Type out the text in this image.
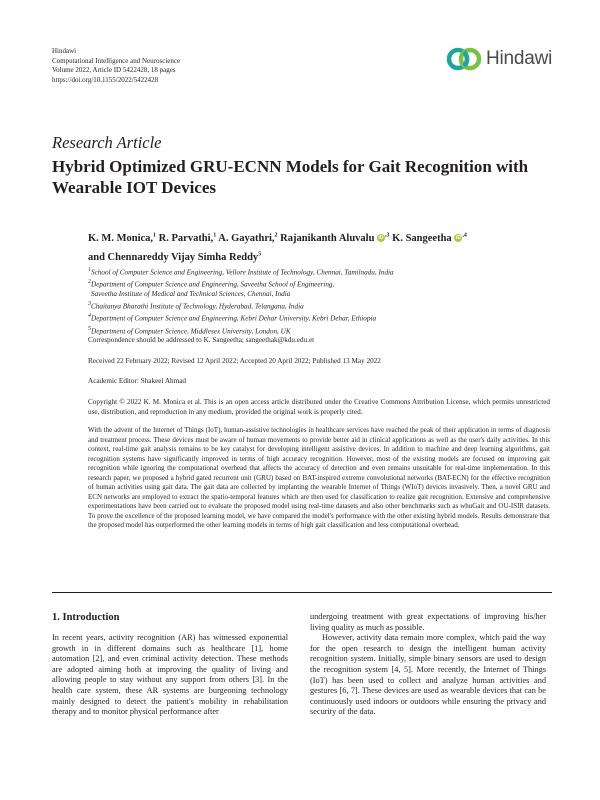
Hindawi
Computational Intelligence and Neuroscience
Volume 2022, Article ID 5422428, 18 pages
https://doi.org/10.1155/2022/5422428
Hindawi
Research Article
Hybrid Optimized GRU-ECNN Models for Gait Recognition with Wearable IOT Devices
K. M. Monica,$^1$ R. Parvathi,$^1$ A. Gayathri,$^2$ Rajanikanth Aluvalu $iD^{,3}$ K. Sangeetha $iD^{,4}$
and Chennareddy Vijay Simha Reddy$^5$
$^1$School of Computer Science and Engineering, Vellore Institute of Technology, Chennai, Tamilnadu, India
$^2$Department of Computer Science and Engineering, Saveetha School of Engineering,
Saveetha Institute of Medical and Technical Sciences, Chennai, India
$^3$Chaitanya Bharathi Institute of Technology, Hyderabad, Telangana, India
$^4$Department of Computer Science and Engineering, Kebri Dehar University, Kebri Dehar, Ethiopia
$^5$Department of Computer Science, Middlesex University, London, UK
Correspondence should be addressed to K. Sangeetha; sangeethak@kdu.edu.et
Received 22 February 2022; Revised 12 April 2022; Accepted 20 April 2022; Published 13 May 2022
Academic Editor: Shakeel Ahmad
Copyright © 2022 K. M. Monica et al. This is an open access article distributed under the Creative Commons Attribution License, which permits unrestricted use, distribution, and reproduction in any medium, provided the original work is properly cited.
With the advent of the Internet of Things (IoT), human-assistive technologies in healthcare services have reached the peak of their application in terms of diagnosis and treatment process. These devices must be aware of human movements to provide better aid in clinical applications as well as the user's daily activities. In this context, real-time gait analysis remains to be key catalyst for developing intelligent assistive devices. In addition to machine and deep learning algorithms, gait recognition systems have significantly improved in terms of high accuracy recognition. However, most of the existing models are focused on improving gait recognition while ignoring the computational overhead that affects the accuracy of detection and even remains unsuitable for real-time implementation. In this research paper, we proposed a hybrid gated recurrent unit (GRU) based on BAT-inspired extreme convolutional networks (BAT-ECN) for the effective recognition of human activities using gait data. The gait data are collected by implanting the wearable Internet of Things (WIoT) devices invasively. Then, a novel GRU and ECN networks are employed to extract the spatio-temporal features which are then used for classification to realize gait recognition. Extensive and comprehensive experimentations have been carried out to evaluate the proposed model using real-time datasets and also other benchmarks such as whuGait and OU-ISIR datasets. To prove the excellence of the proposed learning model, we have compared the model's performance with the other existing hybrid models. Results demonstrate that the proposed model has outperformed the other learning models in terms of high gait classification and less computational overhead.
1. Introduction
In recent years, activity recognition (AR) has witnessed exponential growth in in different domains such as healthcare [1], home automation [2], and even criminal activity detection. These methods are adopted aiming both at improving the quality of living and allowing people to stay without any support from others [3]. In the health care system, these AR systems are burgeoning technology mainly designed to detect the patient's mobility in rehabilitation therapy and to monitor physical performance after
undergoing treatment with great expectations of improving his/her living quality as much as possible.
However, activity data remain more complex, which paid the way for the open research to design the intelligent human activity recognition system. Initially, simple binary sensors are used to design the recognition system [4, 5]. More recently, the Internet of Things (IoT) has been used to collect and analyze human activities and gestures [6, 7]. These devices are used as wearable devices that can be continuously used indoors or outdoors while ensuring the privacy and security of the data.
